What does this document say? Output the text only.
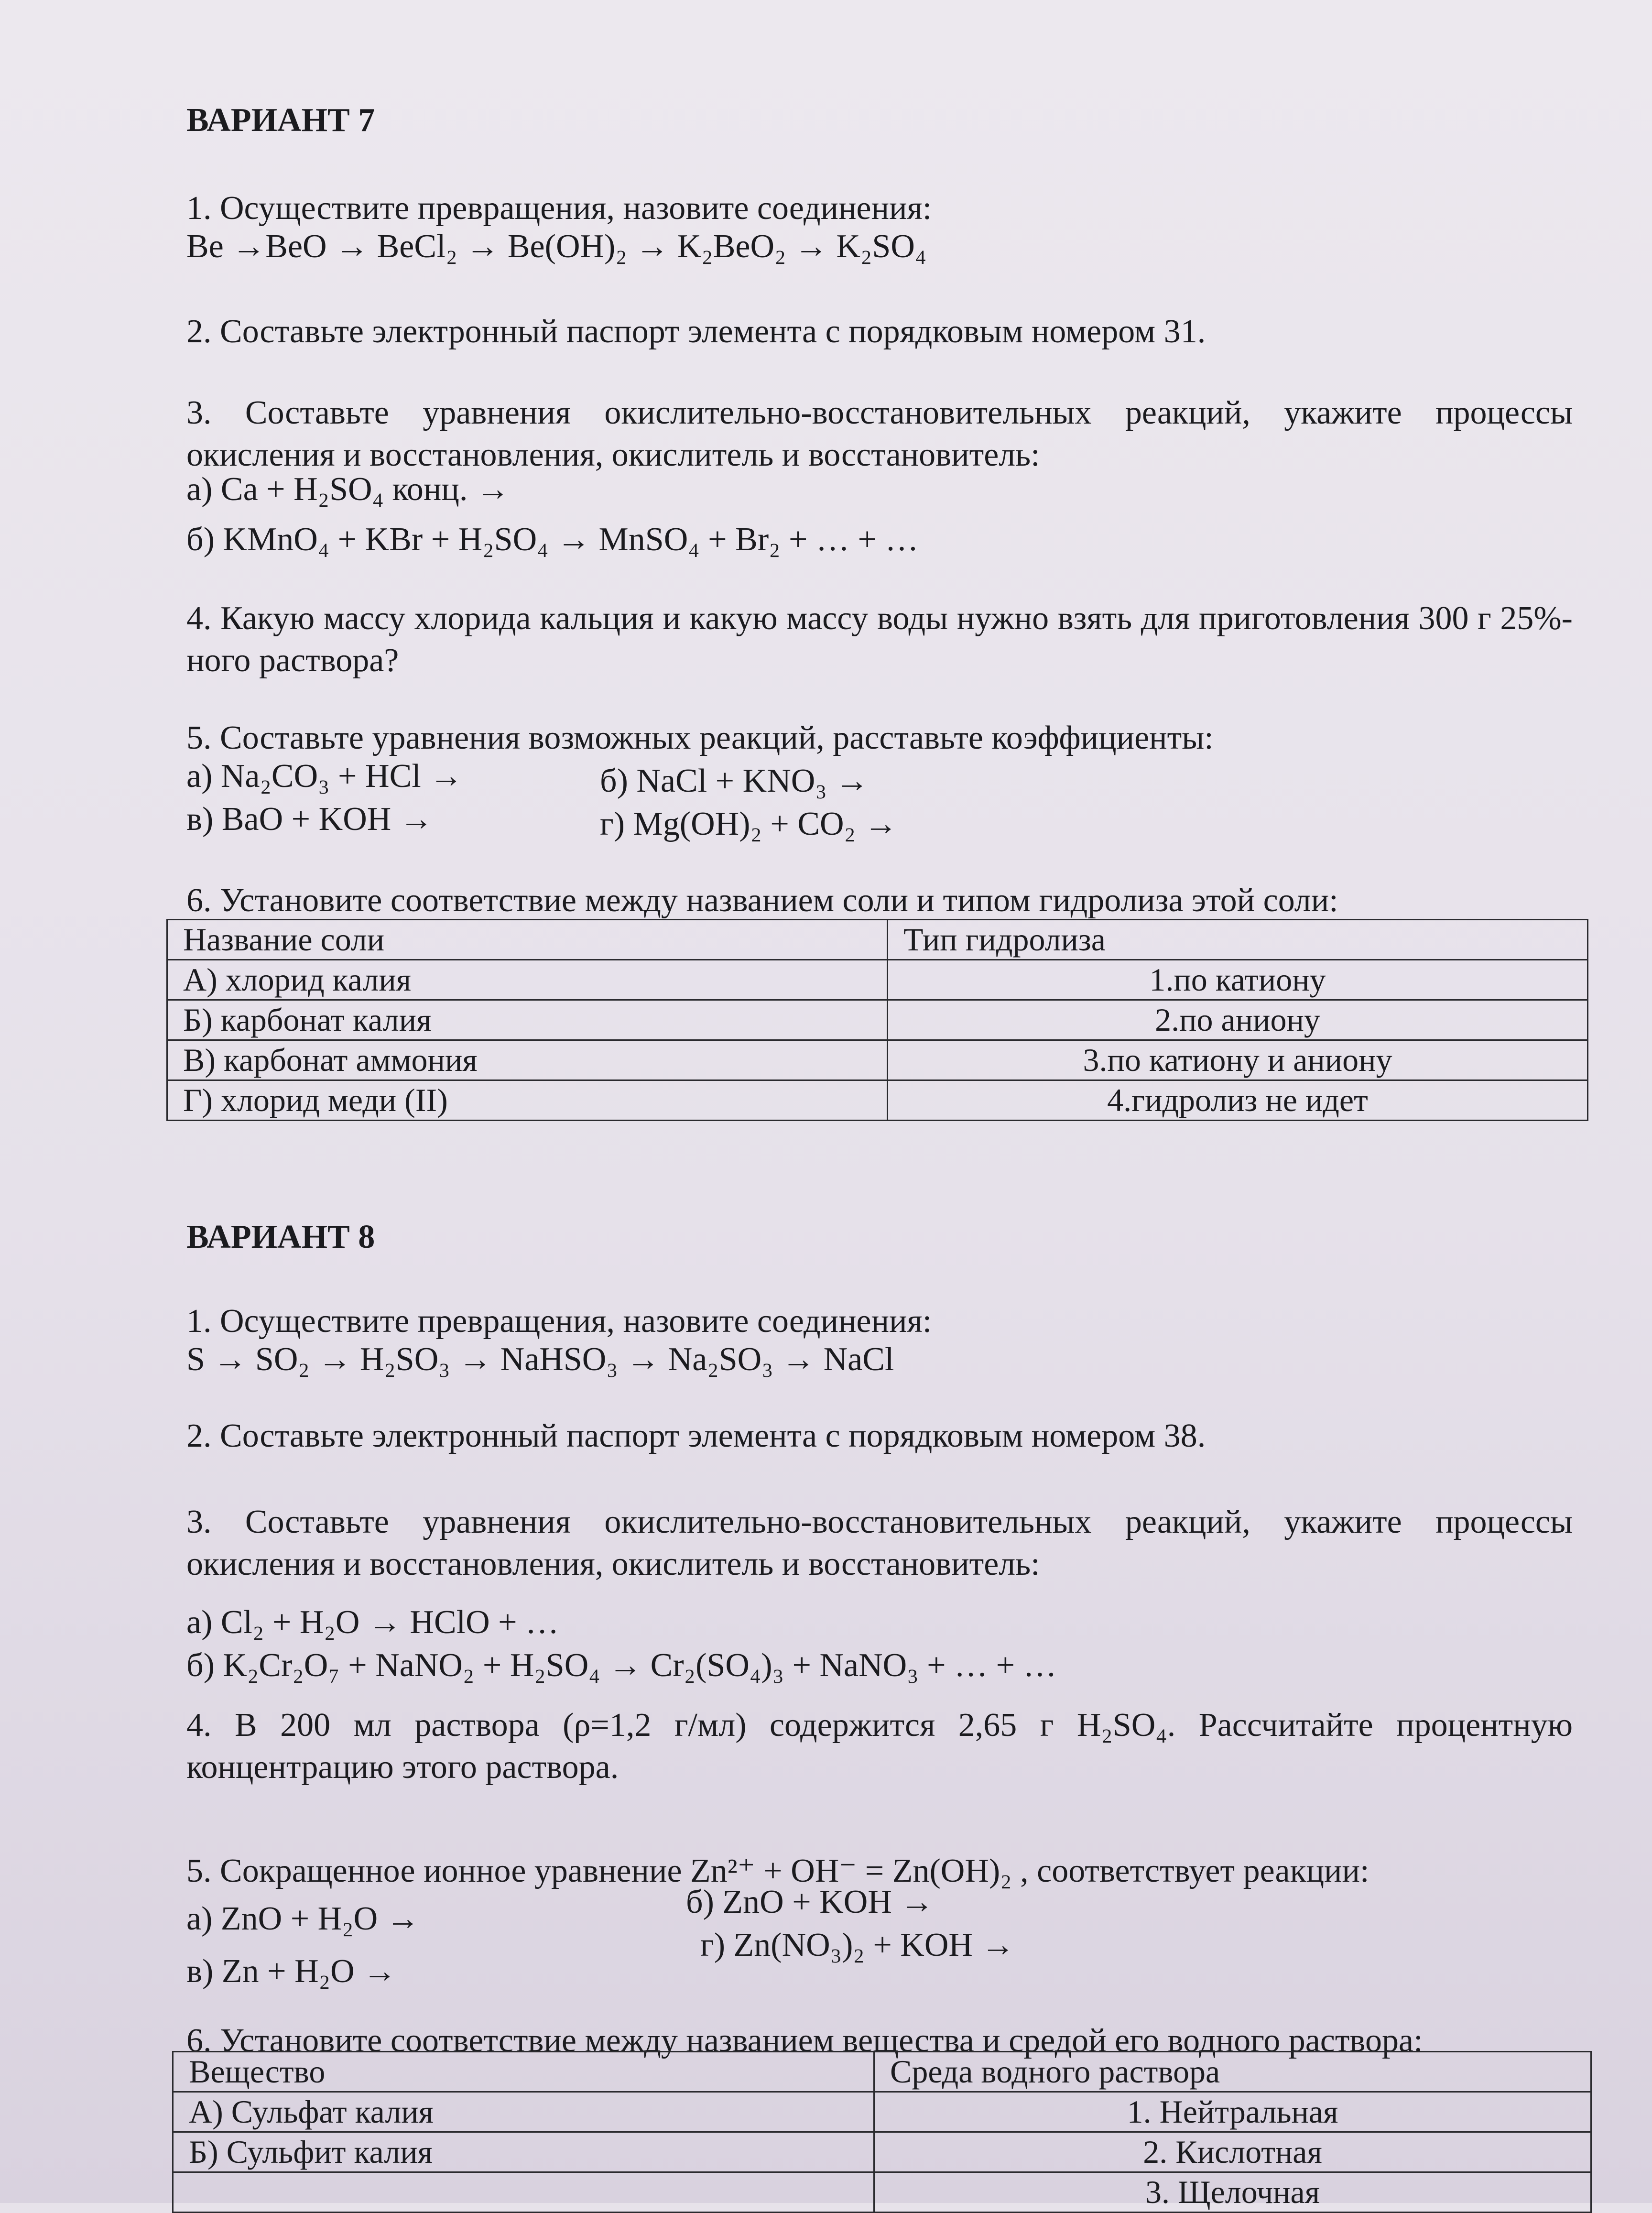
ВАРИАНТ 7
1. Осуществите превращения, назовите соединения:
Be →BeO → BeCl₂ → Be(OH)₂ → K₂BeO₂ → K₂SO₄
2. Составьте электронный паспорт элемента с порядковым номером 31.
3. Составьте уравнения окислительно-восстановительных реакций, укажите процессы окисления и восстановления, окислитель и восстановитель:
а) Ca + H₂SO₄ конц. →
б) KMnO₄ + KBr + H₂SO₄ → MnSO₄ + Br₂ + … + …
4. Какую массу хлорида кальция и какую массу воды нужно взять для приготовления 300 г 25%-ного раствора?
5. Составьте уравнения возможных реакций, расставьте коэффициенты:
а) Na₂CO₃ + HCl →	б) NaCl + KNO₃ →
в) BaO + KOH →	г) Mg(OH)₂ + CO₂ →
6. Установите соответствие между названием соли и типом гидролиза этой соли:
Название соли	Тип гидролиза
А) хлорид калия	1.по катиону
Б) карбонат калия	2.по аниону
В) карбонат аммония	3.по катиону и аниону
Г) хлорид меди (II)	4.гидролиз не идет
ВАРИАНТ 8
1. Осуществите превращения, назовите соединения:
S → SO₂ → H₂SO₃ → NaHSO₃ → Na₂SO₃ → NaCl
2. Составьте электронный паспорт элемента с порядковым номером 38.
3. Составьте уравнения окислительно-восстановительных реакций, укажите процессы окисления и восстановления, окислитель и восстановитель:
а) Cl₂ + H₂O → HClO + …
б) K₂Cr₂O₇ + NaNO₂ + H₂SO₄ → Cr₂(SO₄)₃ + NaNO₃ + … + …
4. В 200 мл раствора (ρ=1,2 г/мл) содержится 2,65 г H₂SO₄. Рассчитайте процентную концентрацию этого раствора.
5. Сокращенное ионное уравнение Zn²⁺ + OH⁻ = Zn(OH)₂ , соответствует реакции:
а) ZnO + H₂O →	б) ZnO + KOH →
в) Zn + H₂O →
г) Zn(NO₃)₂ + KOH →
6. Установите соответствие между названием вещества и средой его водного раствора:
Вещество	Среда водного раствора
А) Сульфат калия	1. Нейтральная
Б) Сульфит калия	2. Кислотная
	3. Щелочная
